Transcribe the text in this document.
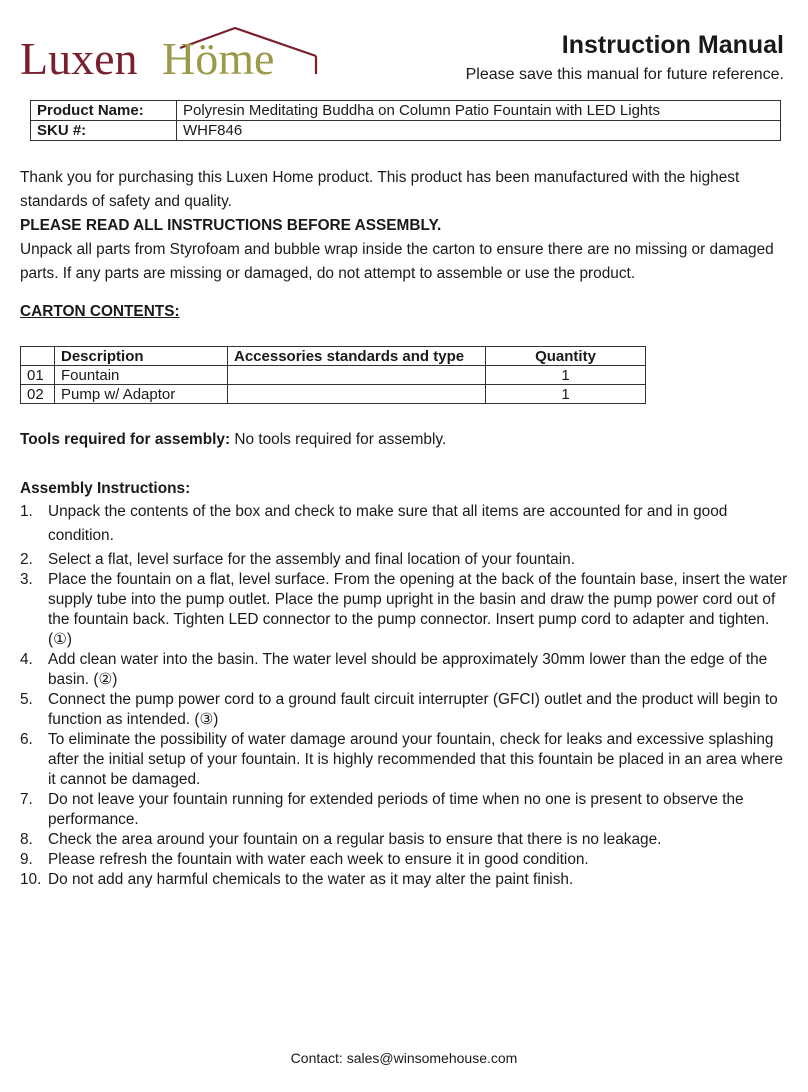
Luxen Höme	Instruction Manual
Please save this manual for future reference.
Product Name:	Polyresin Meditating Buddha on Column Patio Fountain with LED Lights
SKU #:	WHF846

Thank you for purchasing this Luxen Home product. This product has been manufactured with the highest standards of safety and quality.

PLEASE READ ALL INSTRUCTIONS BEFORE ASSEMBLY.

Unpack all parts from Styrofoam and bubble wrap inside the carton to ensure there are no missing or damaged parts. If any parts are missing or damaged, do not attempt to assemble or use the product.

CARTON CONTENTS:

	Description	Accessories standards and type	Quantity
01	Fountain		1
02	Pump w/ Adaptor		1
Tools required for assembly: No tools required for assembly.
Assembly Instructions:
1. Unpack the contents of the box and check to make sure that all items are accounted for and in good condition.
2. Select a flat, level surface for the assembly and final location of your fountain.
3. Place the fountain on a flat, level surface. From the opening at the back of the fountain base, insert the water supply tube into the pump outlet. Place the pump upright in the basin and draw the pump power cord out of the fountain back. Tighten LED connector to the pump connector. Insert pump cord to adapter and tighten. (①)
4. Add clean water into the basin. The water level should be approximately 30mm lower than the edge of the basin. (②)
5. Connect the pump power cord to a ground fault circuit interrupter (GFCI) outlet and the product will begin to function as intended. (③)
6. To eliminate the possibility of water damage around your fountain, check for leaks and excessive splashing after the initial setup of your fountain. It is highly recommended that this fountain be placed in an area where it cannot be damaged.
7. Do not leave your fountain running for extended periods of time when no one is present to observe the performance.
8. Check the area around your fountain on a regular basis to ensure that there is no leakage.
9. Please refresh the fountain with water each week to ensure it in good condition.
10. Do not add any harmful chemicals to the water as it may alter the paint finish.
Contact: sales@winsomehouse.com
